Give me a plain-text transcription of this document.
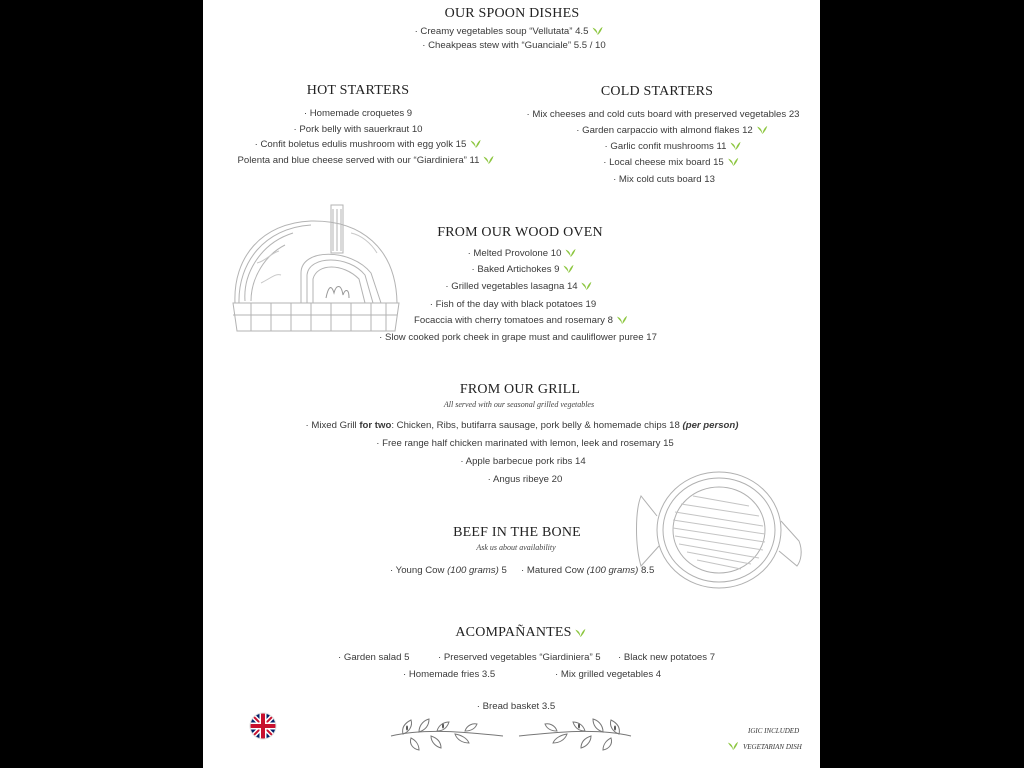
OUR SPOON DISHES
· Creamy vegetables soup “Vellutata” 4.5
· Cheakpeas stew with “Guanciale” 5.5 / 10
HOT STARTERS
· Homemade croquetes 9
· Pork belly with sauerkraut 10
· Confit boletus edulis mushroom with egg yolk 15
Polenta and blue cheese served with our “Giardiniera” 11
COLD STARTERS
· Mix cheeses and cold cuts board with preserved vegetables 23
· Garden carpaccio with almond flakes 12
· Garlic confit mushrooms 11
· Local cheese mix board 15
· Mix cold cuts board 13
FROM OUR WOOD OVEN
· Melted Provolone 10
· Baked Artichokes 9
· Grilled vegetables lasagna 14
· Fish of the day with black potatoes 19
Focaccia with cherry tomatoes and rosemary 8
· Slow cooked pork cheek in grape must and cauliflower puree 17
FROM OUR GRILL
All served with our seasonal grilled vegetables
· Mixed Grill for two: Chicken, Ribs, butifarra sausage, pork belly & homemade chips 18 (per person)
· Free range half chicken marinated with lemon, leek and rosemary 15
· Apple barbecue pork ribs 14
· Angus ribeye 20
BEEF IN THE BONE
Ask us about availability
· Young Cow (100 grams) 5 · Matured Cow (100 grams) 8.5
ACOMPAÑANTES
· Garden salad 5	· Preserved vegetables “Giardiniera” 5 · Black new potatoes 7
· Homemade fries 3.5	· Mix grilled vegetables 4
· Bread basket 3.5
IGIC INCLUDED
VEGETARIAN DISH
